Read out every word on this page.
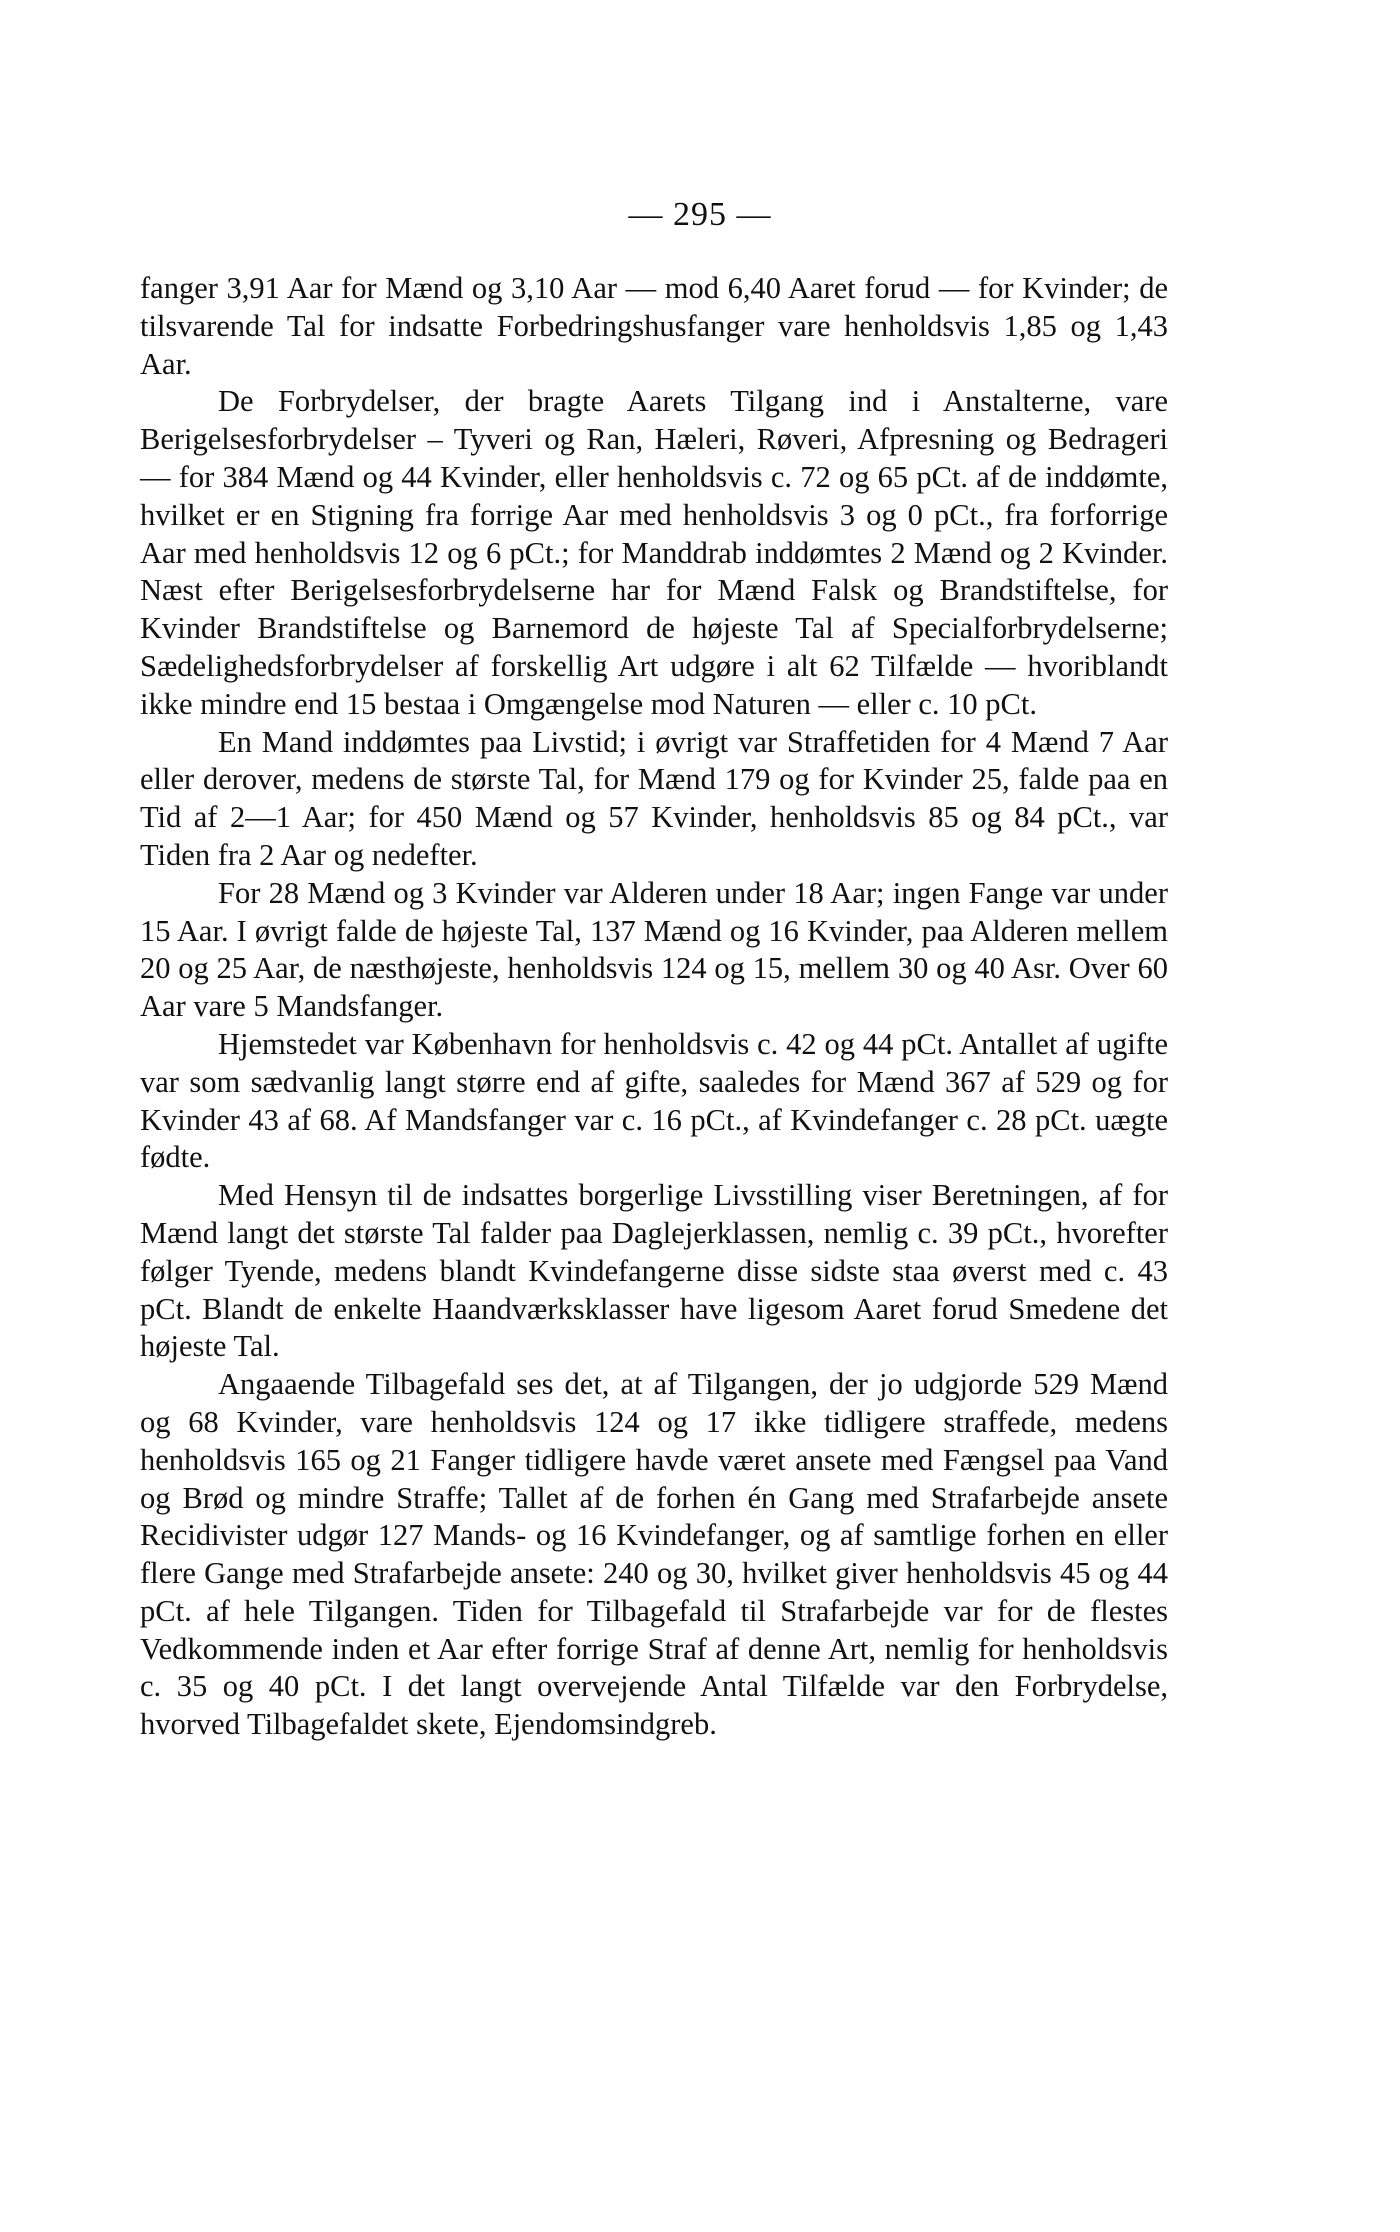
— 295 —

fanger 3,91 Aar for Mænd og 3,10 Aar — mod 6,40 Aaret forud — for Kvinder; de tilsvarende Tal for indsatte Forbedringshusfanger vare henholdsvis 1,85 og 1,43 Aar.

De Forbrydelser, der bragte Aarets Tilgang ind i Anstalterne, vare Berigelsesforbrydelser – Tyveri og Ran, Hæleri, Røveri, Afpresning og Bedrageri — for 384 Mænd og 44 Kvinder, eller henholdsvis c. 72 og 65 pCt. af de inddømte, hvilket er en Stigning fra forrige Aar med henholdsvis 3 og 0 pCt., fra forforrige Aar med henholdsvis 12 og 6 pCt.; for Manddrab inddømtes 2 Mænd og 2 Kvinder. Næst efter Berigelsesforbrydelserne har for Mænd Falsk og Brandstiftelse, for Kvinder Brandstiftelse og Barnemord de højeste Tal af Specialforbrydelserne; Sædelighedsforbrydelser af forskellig Art udgøre i alt 62 Tilfælde — hvoriblandt ikke mindre end 15 bestaa i Omgængelse mod Naturen — eller c. 10 pCt.

En Mand inddømtes paa Livstid; i øvrigt var Straffetiden for 4 Mænd 7 Aar eller derover, medens de største Tal, for Mænd 179 og for Kvinder 25, falde paa en Tid af 2—1 Aar; for 450 Mænd og 57 Kvinder, henholdsvis 85 og 84 pCt., var Tiden fra 2 Aar og nedefter.

For 28 Mænd og 3 Kvinder var Alderen under 18 Aar; ingen Fange var under 15 Aar. I øvrigt falde de højeste Tal, 137 Mænd og 16 Kvinder, paa Alderen mellem 20 og 25 Aar, de næsthøjeste, henholdsvis 124 og 15, mellem 30 og 40 Asr. Over 60 Aar vare 5 Mandsfanger.

Hjemstedet var København for henholdsvis c. 42 og 44 pCt. Antallet af ugifte var som sædvanlig langt større end af gifte, saaledes for Mænd 367 af 529 og for Kvinder 43 af 68. Af Mandsfanger var c. 16 pCt., af Kvindefanger c. 28 pCt. uægte fødte.

Med Hensyn til de indsattes borgerlige Livsstilling viser Beretningen, af for Mænd langt det største Tal falder paa Daglejerklassen, nemlig c. 39 pCt., hvorefter følger Tyende, medens blandt Kvindefangerne disse sidste staa øverst med c. 43 pCt. Blandt de enkelte Haandværksklasser have ligesom Aaret forud Smedene det højeste Tal.

Angaaende Tilbagefald ses det, at af Tilgangen, der jo udgjorde 529 Mænd og 68 Kvinder, vare henholdsvis 124 og 17 ikke tidligere straffede, medens henholdsvis 165 og 21 Fanger tidligere havde været ansete med Fængsel paa Vand og Brød og mindre Straffe; Tallet af de forhen én Gang med Strafarbejde ansete Recidivister udgør 127 Mands- og 16 Kvindefanger, og af samtlige forhen en eller flere Gange med Strafarbejde ansete: 240 og 30, hvilket giver henholdsvis 45 og 44 pCt. af hele Tilgangen. Tiden for Tilbagefald til Strafarbejde var for de flestes Vedkommende inden et Aar efter forrige Straf af denne Art, nemlig for henholdsvis c. 35 og 40 pCt. I det langt overvejende Antal Tilfælde var den Forbrydelse, hvorved Tilbagefaldet skete, Ejendomsindgreb.
